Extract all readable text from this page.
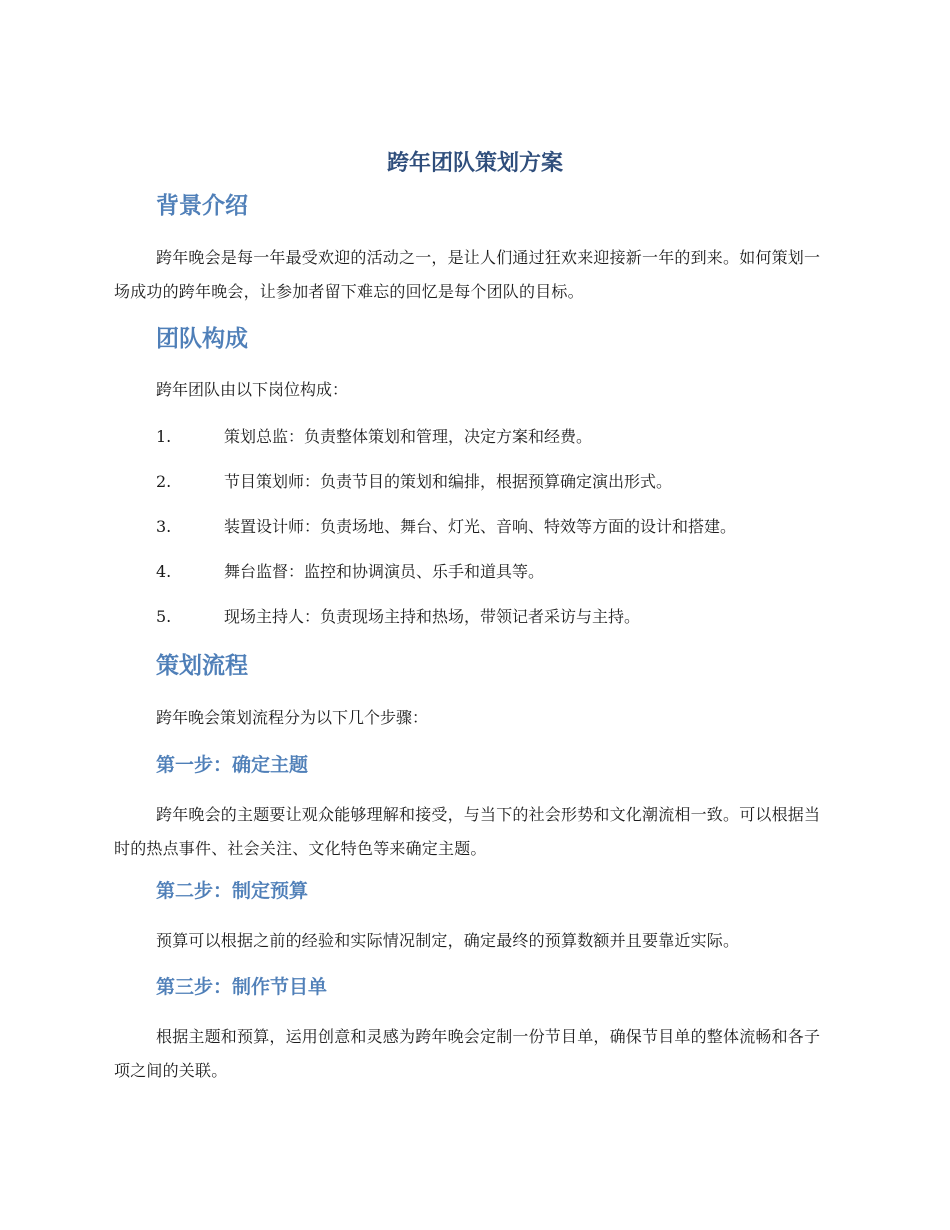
跨年团队策划方案
背景介绍

跨年晚会是每一年最受欢迎的活动之一，是让人们通过狂欢来迎接新一年的到来。如何策划一场成功的跨年晚会，让参加者留下难忘的回忆是每个团队的目标。

团队构成

跨年团队由以下岗位构成：

1.	策划总监：负责整体策划和管理，决定方案和经费。
2.	节目策划师：负责节目的策划和编排，根据预算确定演出形式。
3.	装置设计师：负责场地、舞台、灯光、音响、特效等方面的设计和搭建。
4.	舞台监督：监控和协调演员、乐手和道具等。
5.	现场主持人：负责现场主持和热场，带领记者采访与主持。
策划流程

跨年晚会策划流程分为以下几个步骤：

第一步：确定主题

跨年晚会的主题要让观众能够理解和接受，与当下的社会形势和文化潮流相一致。可以根据当时的热点事件、社会关注、文化特色等来确定主题。

第二步：制定预算

预算可以根据之前的经验和实际情况制定，确定最终的预算数额并且要靠近实际。

第三步：制作节目单

根据主题和预算，运用创意和灵感为跨年晚会定制一份节目单，确保节目单的整体流畅和各子项之间的关联。
